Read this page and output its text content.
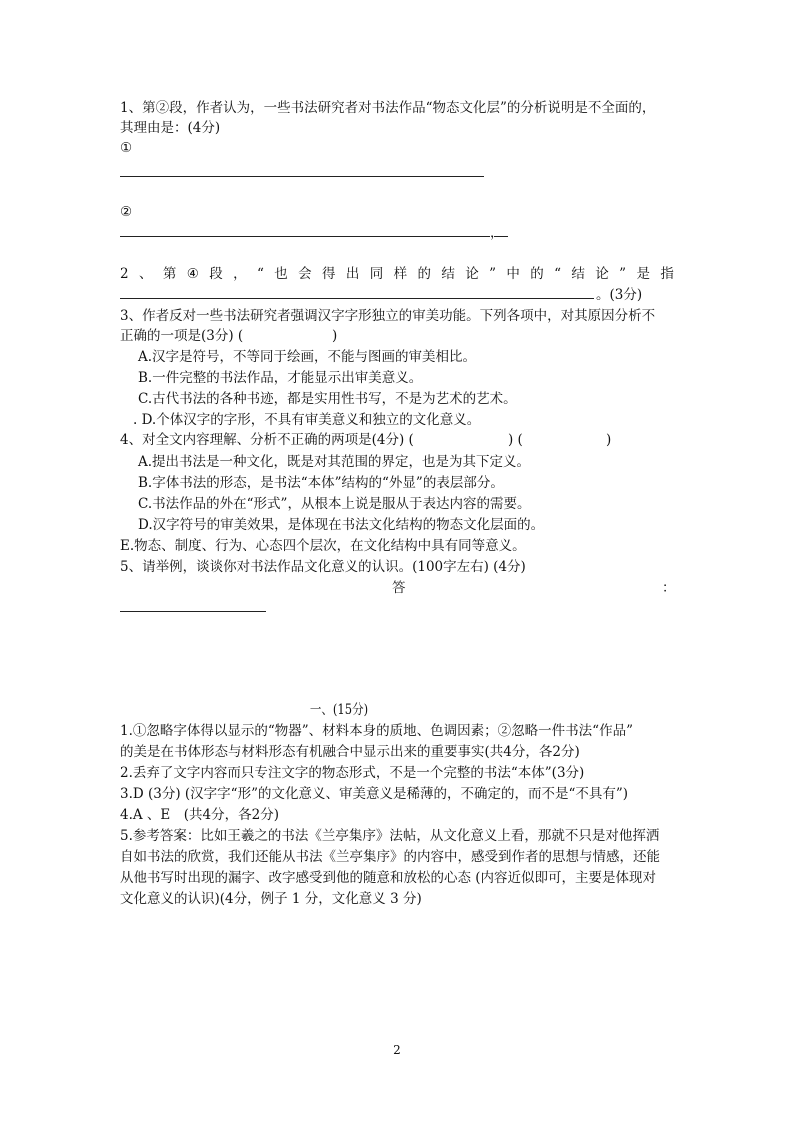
1、第②段，作者认为，一些书法研究者对书法作品“物态文化层”的分析说明是不全面的，
其理由是：(4分)
①
②
，
2 、 第 ④ 段 ， “ 也 会 得 出 同 样 的 结 论 ” 中 的 “ 结 论 ” 是 指
。(3分)
3、作者反对一些书法研究者强调汉字字形独立的审美功能。下列各项中，对其原因分析不
正确的一项是(3分) (	)
A.汉字是符号，不等同于绘画，不能与图画的审美相比。
B.一件完整的书法作品，才能显示出审美意义。
C.古代书法的各种书迹，都是实用性书写，不是为艺术的艺术。
. D.个体汉字的字形，不具有审美意义和独立的文化意义。
4、对全文内容理解、分析不正确的两项是(4分) (	) (	)
A.提出书法是一种文化，既是对其范围的界定，也是为其下定义。
B.字体书法的形态，是书法“本体”结构的“外显”的表层部分。
C.书法作品的外在“形式”，从根本上说是服从于表达内容的需要。
D.汉字符号的审美效果，是体现在书法文化结构的物态文化层面的。
E.物态、制度、行为、心态四个层次，在文化结构中具有同等意义。
5、请举例，谈谈你对书法作品文化意义的认识。(100字左右) (4分)
答	：
一、(15分)
1.①忽略字体得以显示的“物器”、材料本身的质地、色调因素；②忽略一件书法“作品”
的美是在书体形态与材料形态有机融合中显示出来的重要事实(共4分，各2分)
2.丢弃了文字内容而只专注文字的物态形式，不是一个完整的书法“本体”(3分)
3.D (3分) (汉字字“形”的文化意义、审美意义是稀薄的，不确定的，而不是“不具有”)
4.A 、E　(共4分，各2分)
5.参考答案：比如王羲之的书法《兰亭集序》法帖，从文化意义上看，那就不只是对他挥洒
自如书法的欣赏，我们还能从书法《兰亭集序》的内容中，感受到作者的思想与情感，还能
从他书写时出现的漏字、改字感受到他的随意和放松的心态 (内容近似即可，主要是体现对
文化意义的认识)(4分，例子 1 分，文化意义 3 分)
2
